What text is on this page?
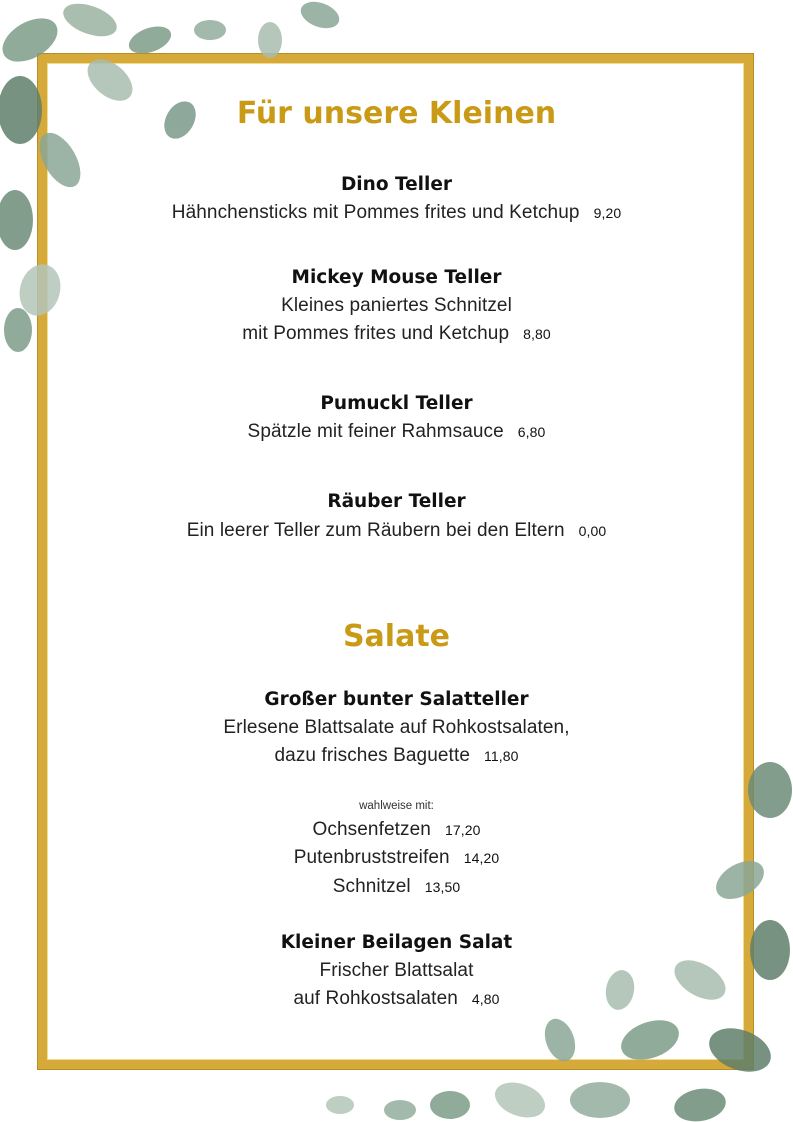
Für unsere Kleinen
Dino Teller
Hähnchensticks mit Pommes frites und Ketchup 9,20
Mickey Mouse Teller
Kleines paniertes Schnitzel
mit Pommes frites und Ketchup 8,80
Pumuckl Teller
Spätzle mit feiner Rahmsauce 6,80
Räuber Teller
Ein leerer Teller zum Räubern bei den Eltern 0,00
Salate
Großer bunter Salatteller
Erlesene Blattsalate auf Rohkostsalaten,
dazu frisches Baguette 11,80
wahlweise mit:
Ochsenfetzen 17,20
Putenbruststreifen 14,20
Schnitzel 13,50
Kleiner Beilagen Salat
Frischer Blattsalat
auf Rohkostsalaten 4,80
